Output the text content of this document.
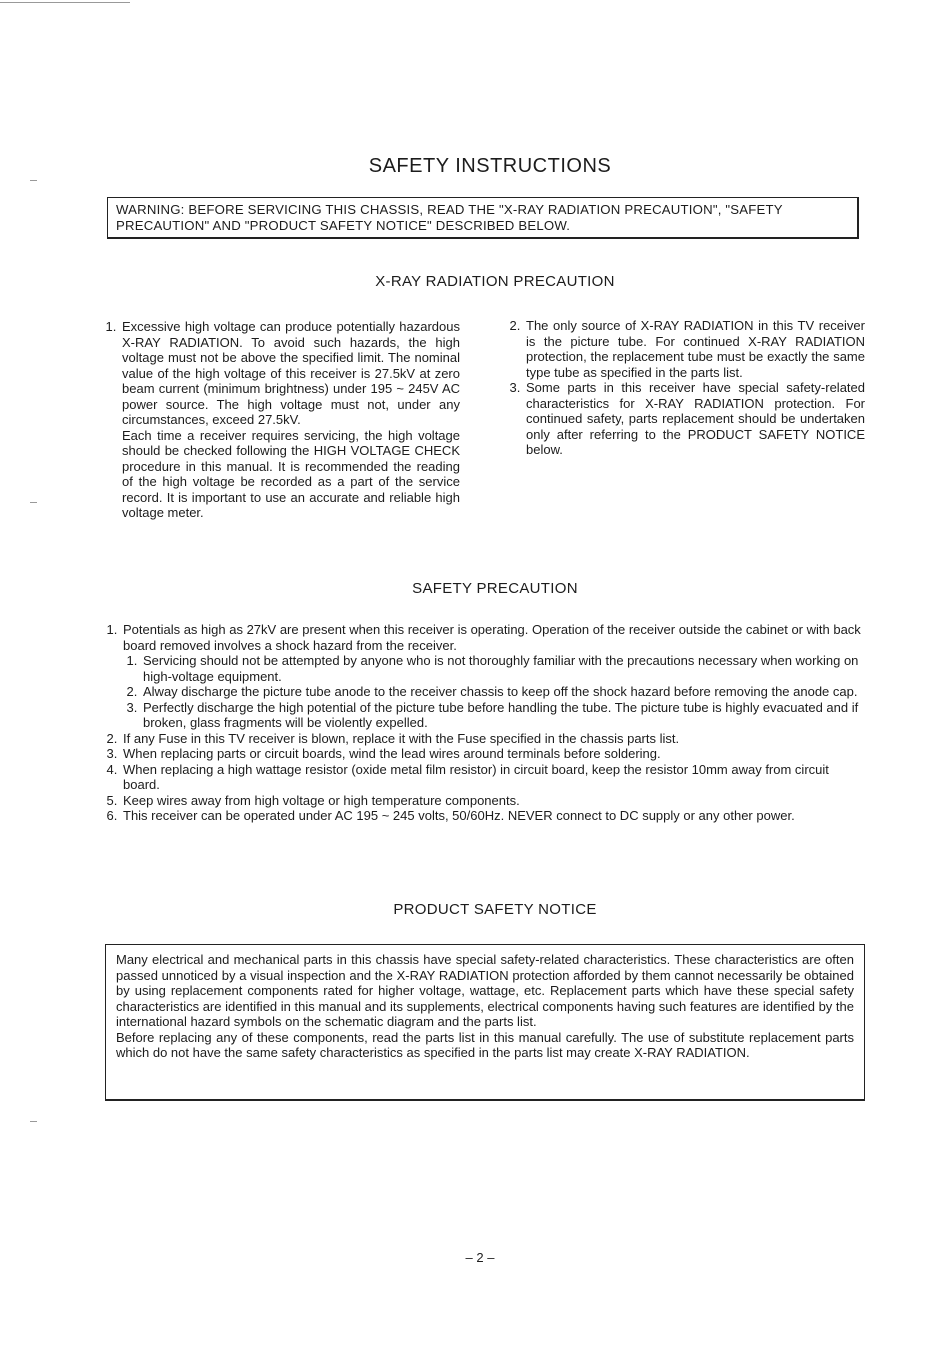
SAFETY INSTRUCTIONS
WARNING: BEFORE SERVICING THIS CHASSIS, READ THE "X-RAY RADIATION PRECAUTION", "SAFETY PRECAUTION" AND "PRODUCT SAFETY NOTICE" DESCRIBED BELOW.
X-RAY RADIATION PRECAUTION

1. Excessive high voltage can produce potentially hazardous X-RAY RADIATION. To avoid such hazards, the high voltage must not be above the specified limit. The nominal value of the high voltage of this receiver is 27.5kV at zero beam current (minimum brightness) under 195 ~ 245V AC power source. The high voltage must not, under any circumstances, exceed 27.5kV.

Each time a receiver requires servicing, the high voltage should be checked following the HIGH VOLTAGE CHECK procedure in this manual. It is recommended the reading of the high voltage be recorded as a part of the service record. It is important to use an accurate and reliable high voltage meter.

2. The only source of X-RAY RADIATION in this TV receiver is the picture tube. For continued X-RAY RADIATION protection, the replacement tube must be exactly the same type tube as specified in the parts list.
3. Some parts in this receiver have special safety-related characteristics for X-RAY RADIATION protection. For continued safety, parts replacement should be undertaken only after referring to the PRODUCT SAFETY NOTICE below.
SAFETY PRECAUTION
1. Potentials as high as 27kV are present when this receiver is operating. Operation of the receiver outside the cabinet or with back board removed involves a shock hazard from the receiver.
1. Servicing should not be attempted by anyone who is not thoroughly familiar with the precautions necessary when working on high-voltage equipment.
2. Alway discharge the picture tube anode to the receiver chassis to keep off the shock hazard before removing the anode cap.
3. Perfectly discharge the high potential of the picture tube before handling the tube. The picture tube is highly evacuated and if broken, glass fragments will be violently expelled.
2. If any Fuse in this TV receiver is blown, replace it with the Fuse specified in the chassis parts list.
3. When replacing parts or circuit boards, wind the lead wires around terminals before soldering.
4. When replacing a high wattage resistor (oxide metal film resistor) in circuit board, keep the resistor 10mm away from circuit board.
5. Keep wires away from high voltage or high temperature components.
6. This receiver can be operated under AC 195 ~ 245 volts, 50/60Hz. NEVER connect to DC supply or any other power.
PRODUCT SAFETY NOTICE

Many electrical and mechanical parts in this chassis have special safety-related characteristics. These characteristics are often passed unnoticed by a visual inspection and the X-RAY RADIATION protection afforded by them cannot necessarily be obtained by using replacement components rated for higher voltage, wattage, etc. Replacement parts which have these special safety characteristics are identified in this manual and its supplements, electrical components having such features are identified by the international hazard symbols on the schematic diagram and the parts list.

Before replacing any of these components, read the parts list in this manual carefully. The use of substitute replacement parts which do not have the same safety characteristics as specified in the parts list may create X-RAY RADIATION.

– 2 –
